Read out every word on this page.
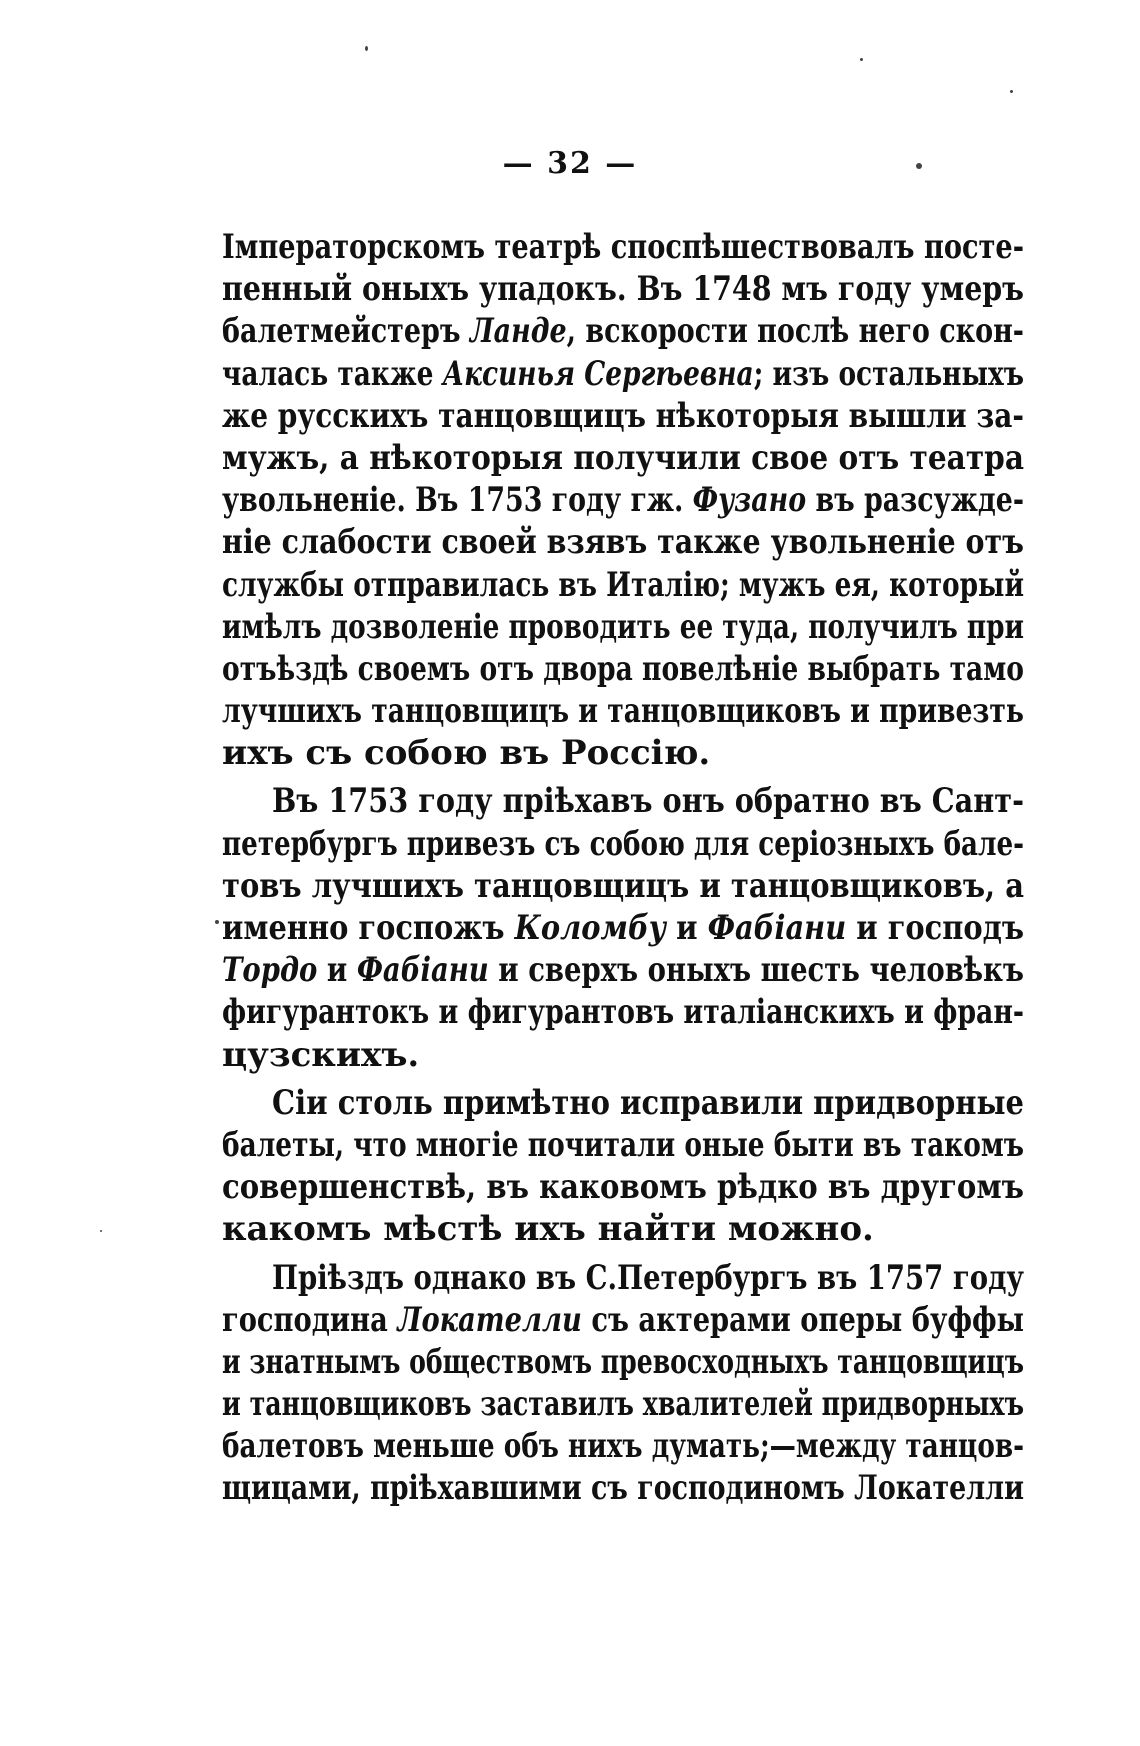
— 32 —
Імператорскомъ театрѣ споспѣшествовалъ посте-
пенный оныхъ упадокъ. Въ 1748 мъ году умеръ
балетмейстеръ Ланде, вскорости послѣ него скон-
чалась также Аксинья Сергѣевна; изъ остальныхъ
же русскихъ танцовщицъ нѣкоторыя вышли за-
мужъ, а нѣкоторыя получили свое отъ театра
увольненіе. Въ 1753 году гж. Фузано въ разсужде-
ніе слабости своей взявъ также увольненіе отъ
службы отправилась въ Италію; мужъ ея, который
имѣлъ дозволеніе проводить ее туда, получилъ при
отъѣздѣ своемъ отъ двора повелѣніе выбрать тамо
лучшихъ танцовщицъ и танцовщиковъ и привезть
ихъ съ собою въ Россію.
Въ 1753 году пріѣхавъ онъ обратно въ Сант-
петербургъ привезъ съ собою для серіозныхъ бале-
товъ лучшихъ танцовщицъ и танцовщиковъ, а
именно госпожъ Коломбу и Фабіани и господъ
Тордо и Фабіани и сверхъ оныхъ шесть человѣкъ
фигурантокъ и фигурантовъ италіанскихъ и фран-
цузскихъ.
Сіи столь примѣтно исправили придворные
балеты, что многіе почитали оные быти въ такомъ
совершенствѣ, въ каковомъ рѣдко въ другомъ
какомъ мѣстѣ ихъ найти можно.
Пріѣздъ однако въ С.Петербургъ въ 1757 году
господина Локателли съ актерами оперы буффы
и знатнымъ обществомъ превосходныхъ танцовщицъ
и танцовщиковъ заставилъ хвалителей придворныхъ
балетовъ меньше объ нихъ думать;—между танцов-
щицами, пріѣхавшими съ господиномъ Локателли
